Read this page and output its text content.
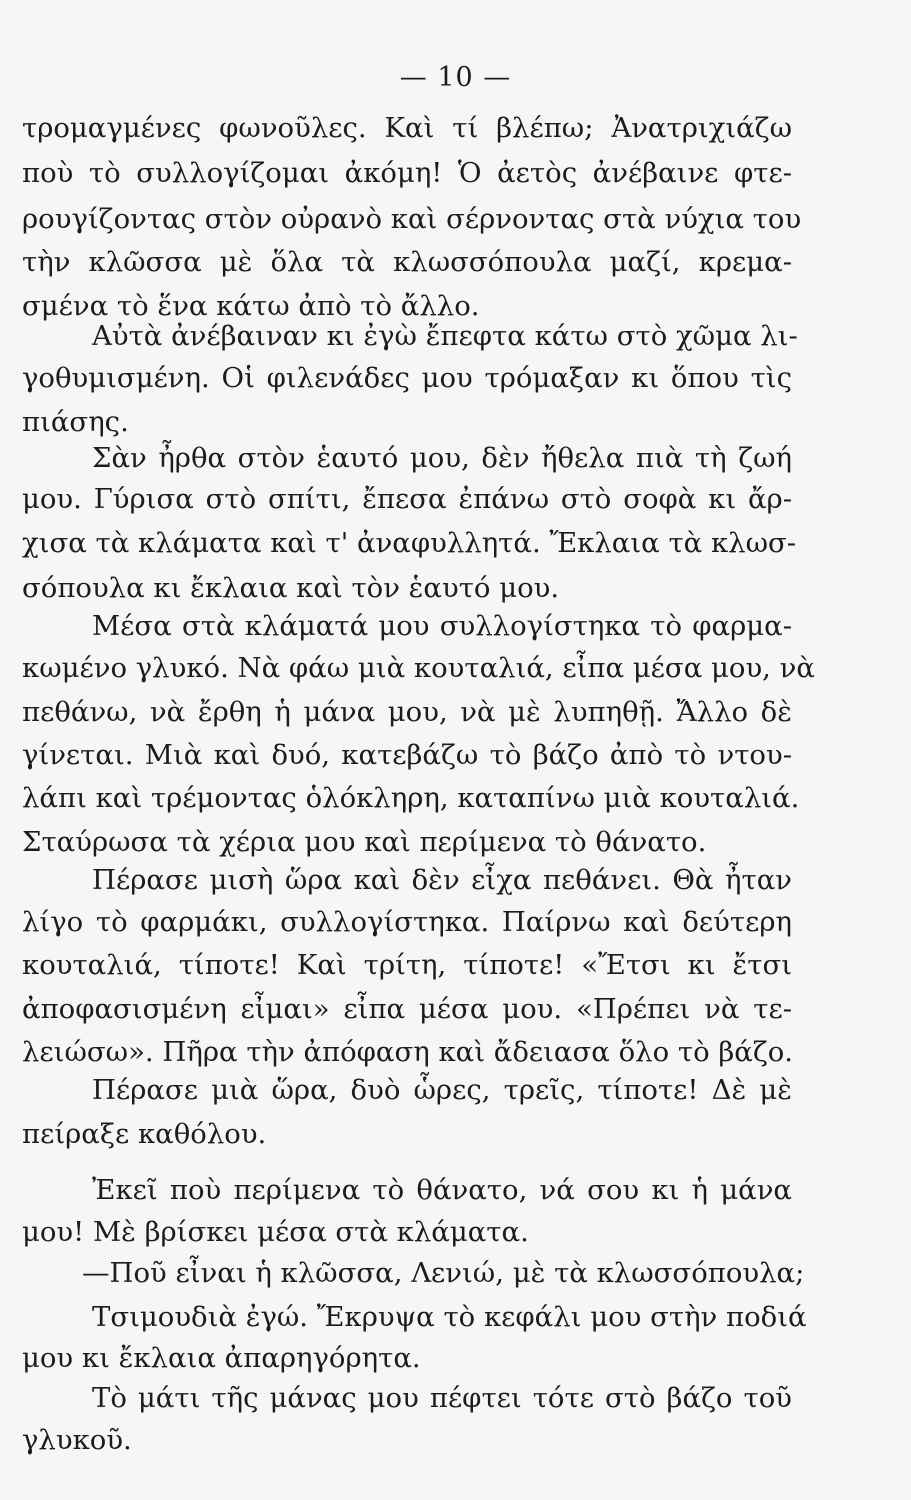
— 10 —
τρομαγμένες φωνοῦλες. Καὶ τί βλέπω; Ἀνατριχιάζω
ποὺ τὸ συλλογίζομαι ἀκόμη! Ὁ ἀετὸς ἀνέβαινε φτε-
ρουγίζοντας στὸν οὐρανὸ καὶ σέρνοντας στὰ νύχια του
τὴν κλῶσσα μὲ ὅλα τὰ κλωσσόπουλα μαζί, κρεμα-
σμένα τὸ ἕνα κάτω ἀπὸ τὸ ἄλλο.
Αὐτὰ ἀνέβαιναν κι ἐγὼ ἔπεφτα κάτω στὸ χῶμα λι-
γοθυμισμένη. Οἱ φιλενάδες μου τρόμαξαν κι ὅπου τὶς
πιάσης.
Σὰν ἦρθα στὸν ἑαυτό μου, δὲν ἤθελα πιὰ τὴ ζωή
μου. Γύρισα στὸ σπίτι, ἔπεσα ἐπάνω στὸ σοφὰ κι ἄρ-
χισα τὰ κλάματα καὶ τ' ἀναφυλλητά. Ἔκλαια τὰ κλωσ-
σόπουλα κι ἔκλαια καὶ τὸν ἑαυτό μου.
Μέσα στὰ κλάματά μου συλλογίστηκα τὸ φαρμα-
κωμένο γλυκό. Νὰ φάω μιὰ κουταλιά, εἶπα μέσα μου, νὰ
πεθάνω, νὰ ἔρθη ἡ μάνα μου, νὰ μὲ λυπηθῇ. Ἄλλο δὲ
γίνεται. Μιὰ καὶ δυό, κατεβάζω τὸ βάζο ἀπὸ τὸ ντου-
λάπι καὶ τρέμοντας ὁλόκληρη, καταπίνω μιὰ κουταλιά.
Σταύρωσα τὰ χέρια μου καὶ περίμενα τὸ θάνατο.
Πέρασε μισὴ ὥρα καὶ δὲν εἶχα πεθάνει. Θὰ ἦταν
λίγο τὸ φαρμάκι, συλλογίστηκα. Παίρνω καὶ δεύτερη
κουταλιά, τίποτε! Καὶ τρίτη, τίποτε! «Ἔτσι κι ἔτσι
ἀποφασισμένη εἶμαι» εἶπα μέσα μου. «Πρέπει νὰ τε-
λειώσω». Πῆρα τὴν ἀπόφαση καὶ ἄδειασα ὅλο τὸ βάζο.
Πέρασε μιὰ ὥρα, δυὸ ὧρες, τρεῖς, τίποτε! Δὲ μὲ
πείραξε καθόλου.
Ἐκεῖ ποὺ περίμενα τὸ θάνατο, νά σου κι ἡ μάνα
μου! Μὲ βρίσκει μέσα στὰ κλάματα.
—Ποῦ εἶναι ἡ κλῶσσα, Λενιώ, μὲ τὰ κλωσσόπουλα;
Τσιμουδιὰ ἐγώ. Ἔκρυψα τὸ κεφάλι μου στὴν ποδιά
μου κι ἔκλαια ἀπαρηγόρητα.
Τὸ μάτι τῆς μάνας μου πέφτει τότε στὸ βάζο τοῦ
γλυκοῦ.
